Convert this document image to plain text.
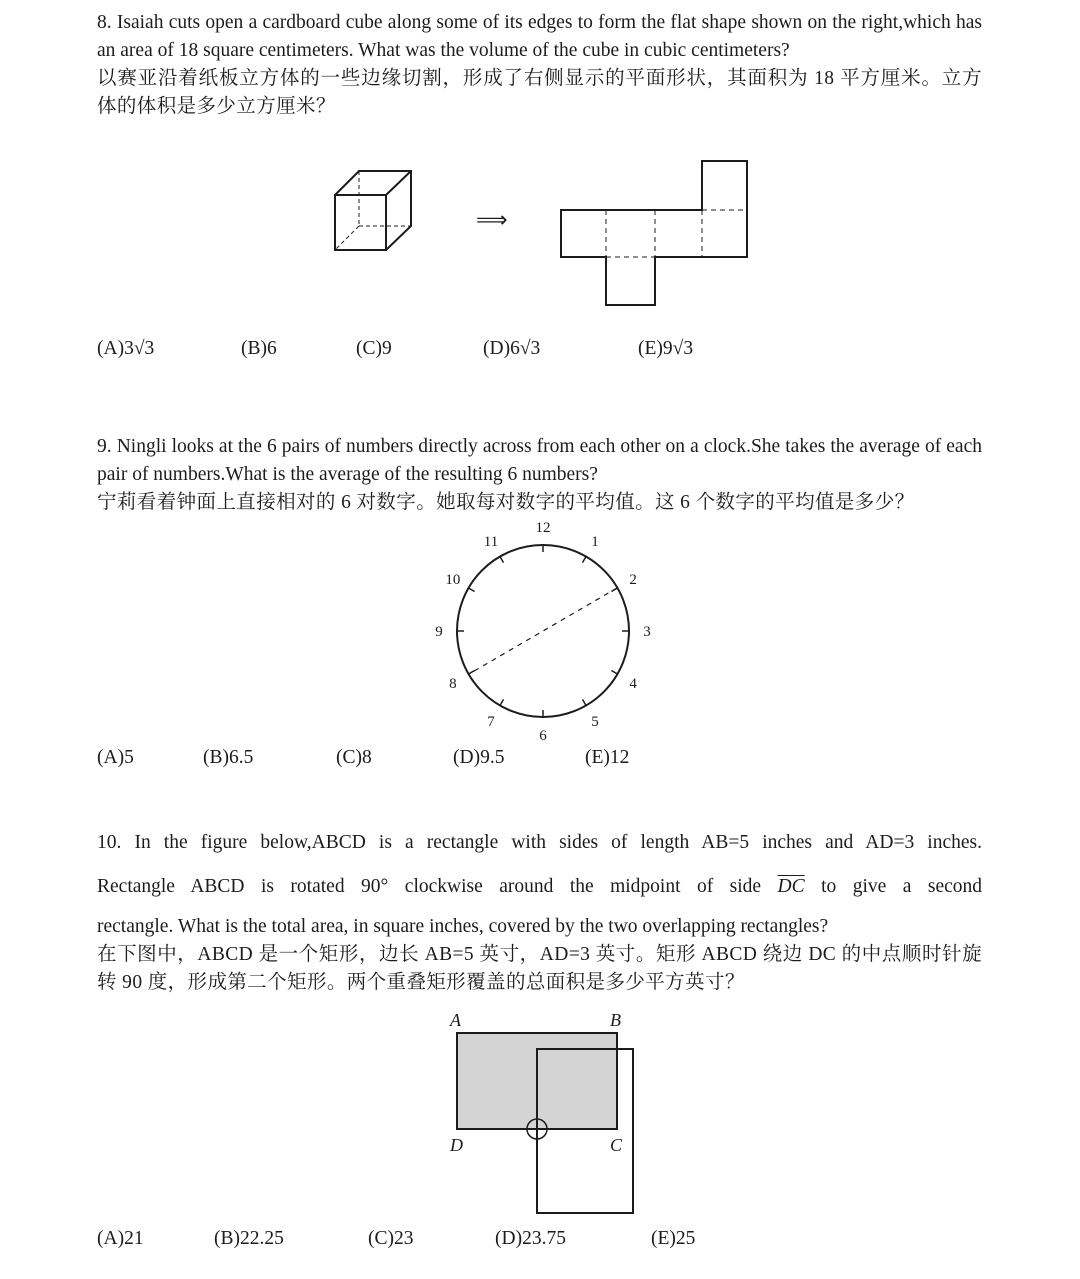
8. Isaiah cuts open a cardboard cube along some of its edges to form the flat shape shown on the right,which has an area of 18 square centimeters. What was the volume of the cube in cubic centimeters?

以赛亚沿着纸板立方体的一些边缘切割，形成了右侧显示的平面形状，其面积为 18 平方厘米。立方体的体积是多少立方厘米？

⟹
(A)3√3	(B)6	(C)9	(D)6√3	(E)9√3

9. Ningli looks at the 6 pairs of numbers directly across from each other on a clock.She takes the average of each pair of numbers.What is the average of the resulting 6 numbers?

宁莉看着钟面上直接相对的 6 对数字。她取每对数字的平均值。这 6 个数字的平均值是多少？

12
1
2
3
4
5
6
7
8
9
10
11
(A)5	(B)6.5	(C)8	(D)9.5	(E)12

10. In the figure below,ABCD is a rectangle with sides of length AB=5 inches and AD=3 inches.

Rectangle ABCD is rotated 90° clockwise around the midpoint of side $\overline{DC}$ to give a second

rectangle. What is the total area, in square inches, covered by the two overlapping rectangles?

在下图中，ABCD 是一个矩形，边长 AB=5 英寸，AD=3 英寸。矩形 ABCD 绕边 DC 的中点顺时针旋转 90 度，形成第二个矩形。两个重叠矩形覆盖的总面积是多少平方英寸？

A	B
D	C
(A)21	(B)22.25	(C)23	(D)23.75	(E)25
